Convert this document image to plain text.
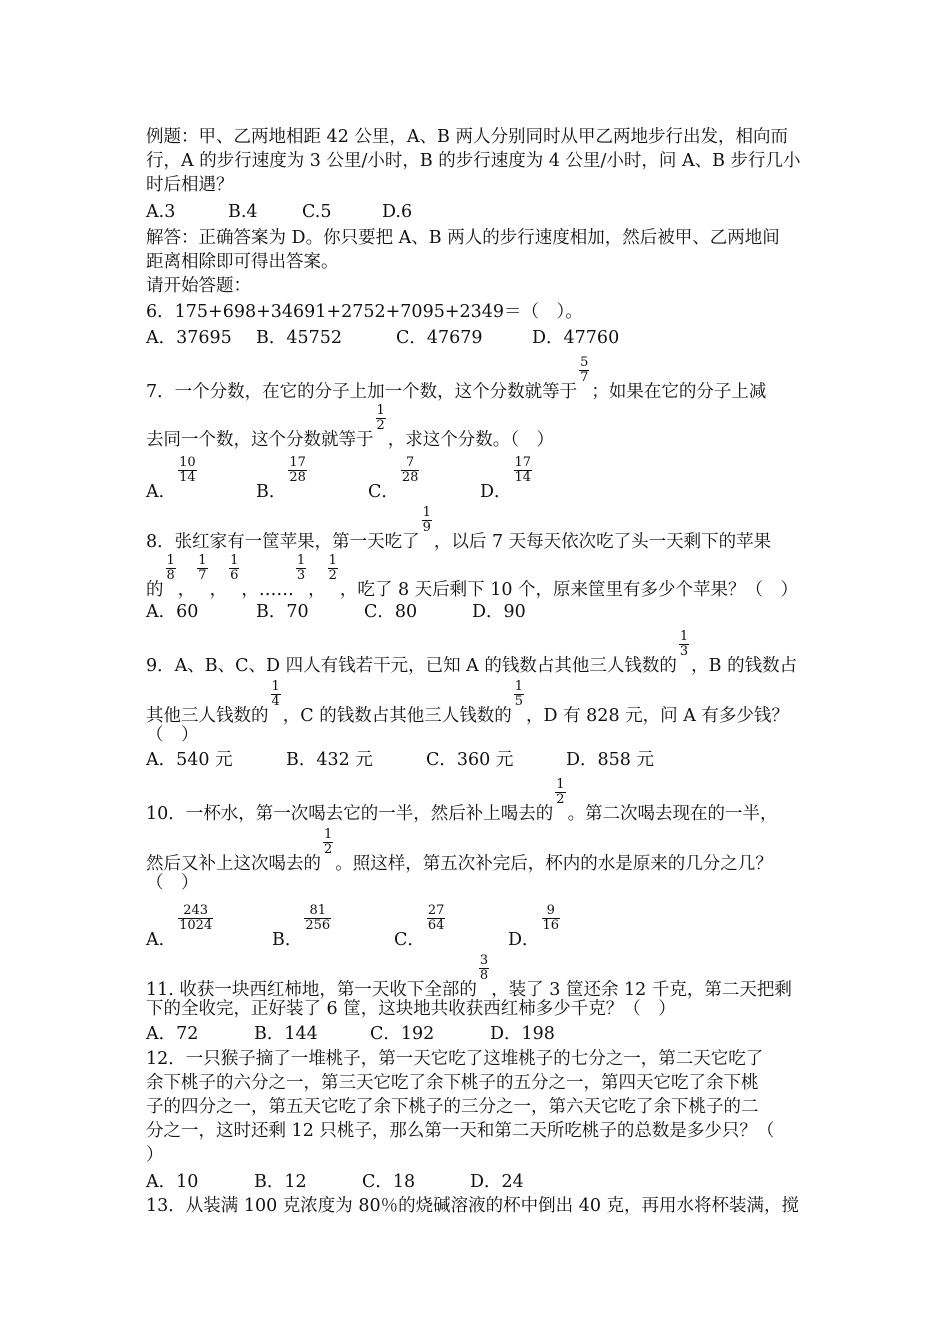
例题：甲、乙两地相距 42 公里，A、B 两人分别同时从甲乙两地步行出发，相向而
行，A 的步行速度为 3 公里/小时，B 的步行速度为 4 公里/小时，问 A、B 步行几小
时后相遇？
A.3	B.4	C.5	D.6
解答：正确答案为 D。你只要把 A、B 两人的步行速度相加，然后被甲、乙两地间
距离相除即可得出答案。
请开始答题：
6．175+698+34691+2752+7095+2349＝（　）。
A．37695 B．45752	C．47679	D．47760
7．一个分数，在它的分子上加一个数，这个分数就等于
$\frac{5}{7}$
；如果在它的分子上减
去同一个数，这个分数就等于
$\frac{1}{2}$
，求这个分数。（　）
A．
$\frac{10}{14}$
B．
$\frac{17}{28}$
C．
$\frac{7}{28}$
D．
$\frac{17}{14}$
8．张红家有一筐苹果，第一天吃了
$\frac{1}{9}$
，以后 7 天每天依次吃了头一天剩下的苹果
的
$\frac{1}{8}$
，
$\frac{1}{7}$
，
$\frac{1}{6}$
，……
$\frac{1}{3}$
，
$\frac{1}{2}$
，吃了 8 天后剩下 10 个，原来筐里有多少个苹果？（　）
A．60	B．70	C．80	D．90
9．A、B、C、D 四人有钱若干元，已知 A 的钱数占其他三人钱数的
$\frac{1}{3}$
，B 的钱数占
其他三人钱数的
$\frac{1}{4}$
，C 的钱数占其他三人钱数的
$\frac{1}{5}$
，D 有 828 元，问 A 有多少钱？
（　）
A．540 元	B．432 元	C．360 元	D．858 元
10．一杯水，第一次喝去它的一半，然后补上喝去的
$\frac{1}{2}$
。第二次喝去现在的一半，
然后又补上这次喝去的
$\frac{1}{2}$
。照这样，第五次补完后，杯内的水是原来的几分之几？
（　）
A．
$\frac{243}{1024}$
B．
$\frac{81}{256}$
C．
$\frac{27}{64}$
D．
$\frac{9}{16}$
11. 收获一块西红柿地，第一天收下全部的
$\frac{3}{8}$
，装了 3 筐还余 12 千克，第二天把剩
下的全收完，正好装了 6 筐，这块地共收获西红柿多少千克？（　）
A．72	B．144	C．192	D．198
12．一只猴子摘了一堆桃子，第一天它吃了这堆桃子的七分之一，第二天它吃了
余下桃子的六分之一，第三天它吃了余下桃子的五分之一，第四天它吃了余下桃
子的四分之一，第五天它吃了余下桃子的三分之一，第六天它吃了余下桃子的二
分之一，这时还剩 12 只桃子，那么第一天和第二天所吃桃子的总数是多少只？（
）
A．10	B．12	C．18	D．24
13．从装满 100 克浓度为 80％的烧碱溶液的杯中倒出 40 克，再用水将杯装满，搅
